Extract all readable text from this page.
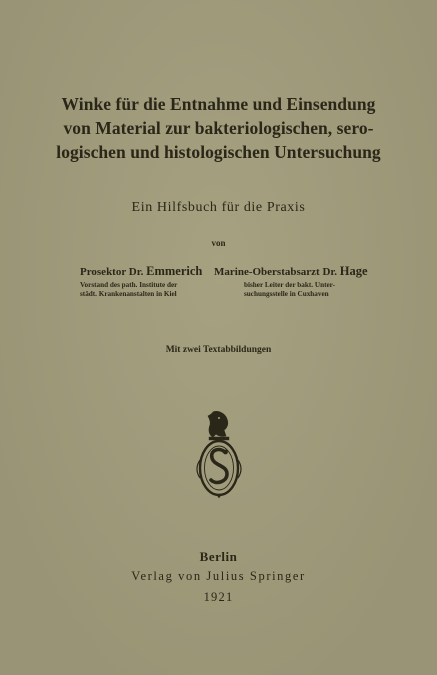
Winke für die Entnahme und Einsendung
von Material zur bakteriologischen, sero-
logischen und histologischen Untersuchung

Ein Hilfsbuch für die Praxis

von

Prosektor Dr. Emmerich

Vorstand des path. Institute der

städt. Krankenanstalten in Kiel

Marine-Oberstabsarzt Dr. Hage

bisher Leiter der bakt. Unter-

suchungsstelle in Cuxhaven

Mit zwei Textabbildungen

Berlin

Verlag von Julius Springer

1921
